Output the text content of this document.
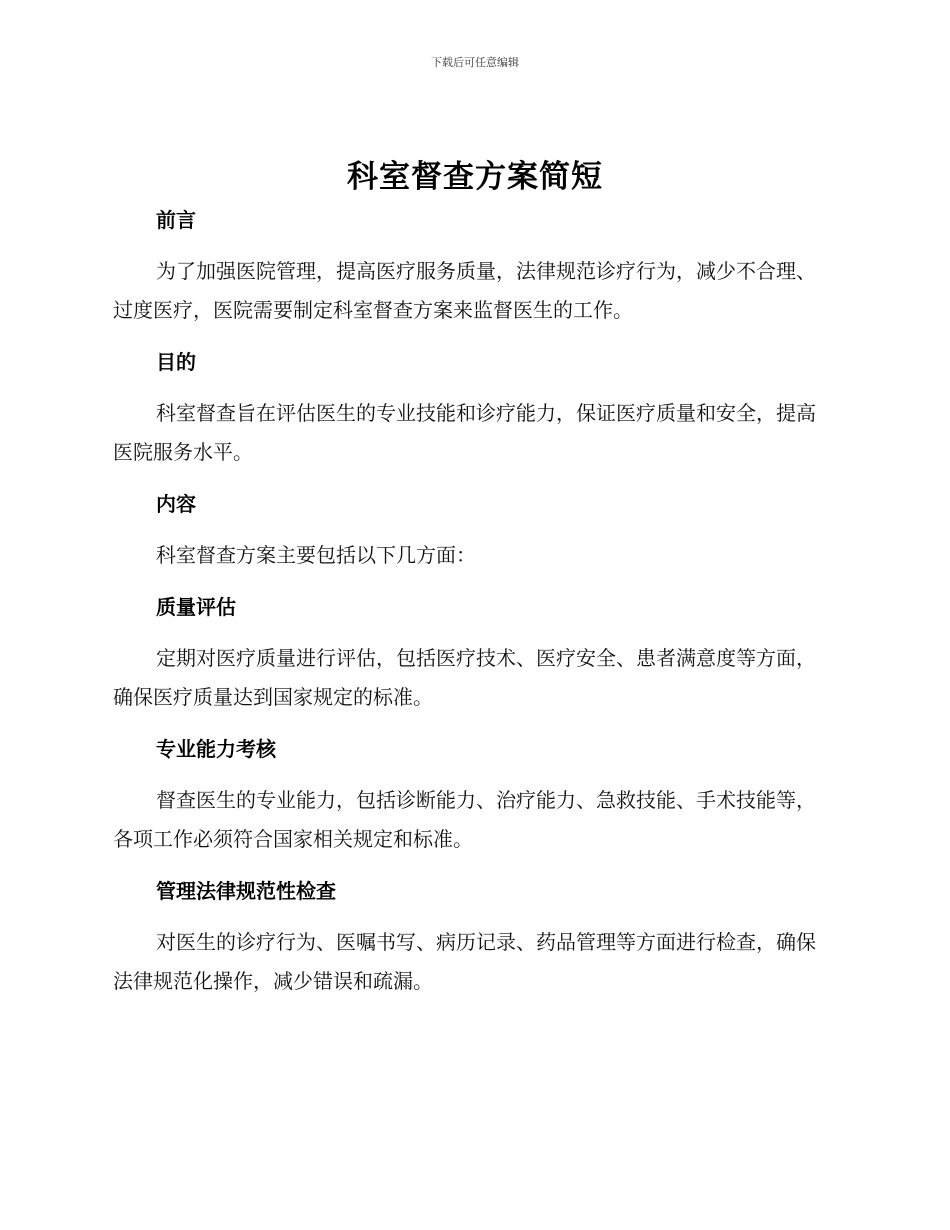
下载后可任意编辑
科室督查方案简短
前言

为了加强医院管理，提高医疗服务质量，法律规范诊疗行为，减少不合理、过度医疗，医院需要制定科室督查方案来监督医生的工作。

目的

科室督查旨在评估医生的专业技能和诊疗能力，保证医疗质量和安全，提高医院服务水平。

内容

科室督查方案主要包括以下几方面：

质量评估

定期对医疗质量进行评估，包括医疗技术、医疗安全、患者满意度等方面，确保医疗质量达到国家规定的标准。

专业能力考核

督查医生的专业能力，包括诊断能力、治疗能力、急救技能、手术技能等，各项工作必须符合国家相关规定和标准。

管理法律规范性检查

对医生的诊疗行为、医嘱书写、病历记录、药品管理等方面进行检查，确保法律规范化操作，减少错误和疏漏。
